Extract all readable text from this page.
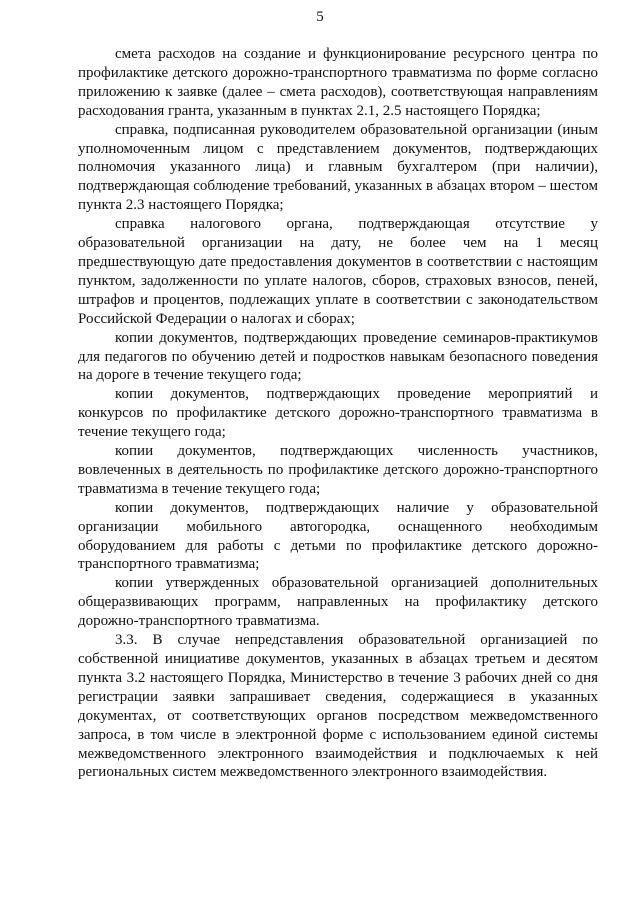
5

смета расходов на создание и функционирование ресурсного центра по профилактике детского дорожно-транспортного травматизма по форме согласно приложению к заявке (далее – смета расходов), соответствующая направлениям расходования гранта, указанным в пунктах 2.1, 2.5 настоящего Порядка;

справка, подписанная руководителем образовательной организации (иным уполномоченным лицом с представлением документов, подтверждающих полномочия указанного лица) и главным бухгалтером (при наличии), подтверждающая соблюдение требований, указанных в абзацах втором – шестом пункта 2.3 настоящего Порядка;

справка налогового органа, подтверждающая отсутствие у образовательной организации на дату, не более чем на 1 месяц предшествующую дате предоставления документов в соответствии с настоящим пунктом, задолженности по уплате налогов, сборов, страховых взносов, пеней, штрафов и процентов, подлежащих уплате в соответствии с законодательством Российской Федерации о налогах и сборах;

копии документов, подтверждающих проведение семинаров-практикумов для педагогов по обучению детей и подростков навыкам безопасного поведения на дороге в течение текущего года;

копии документов, подтверждающих проведение мероприятий и конкурсов по профилактике детского дорожно-транспортного травматизма в течение текущего года;

копии документов, подтверждающих численность участников, вовлеченных в деятельность по профилактике детского дорожно-транспортного травматизма в течение текущего года;

копии документов, подтверждающих наличие у образовательной организации мобильного автогородка, оснащенного необходимым оборудованием для работы с детьми по профилактике детского дорожно-транспортного травматизма;

копии утвержденных образовательной организацией дополнительных общеразвивающих программ, направленных на профилактику детского дорожно-транспортного травматизма.

3.3. В случае непредставления образовательной организацией по собственной инициативе документов, указанных в абзацах третьем и десятом пункта 3.2 настоящего Порядка, Министерство в течение 3 рабочих дней со дня регистрации заявки запрашивает сведения, содержащиеся в указанных документах, от соответствующих органов посредством межведомственного запроса, в том числе в электронной форме с использованием единой системы межведомственного электронного взаимодействия и подключаемых к ней региональных систем межведомственного электронного взаимодействия.
